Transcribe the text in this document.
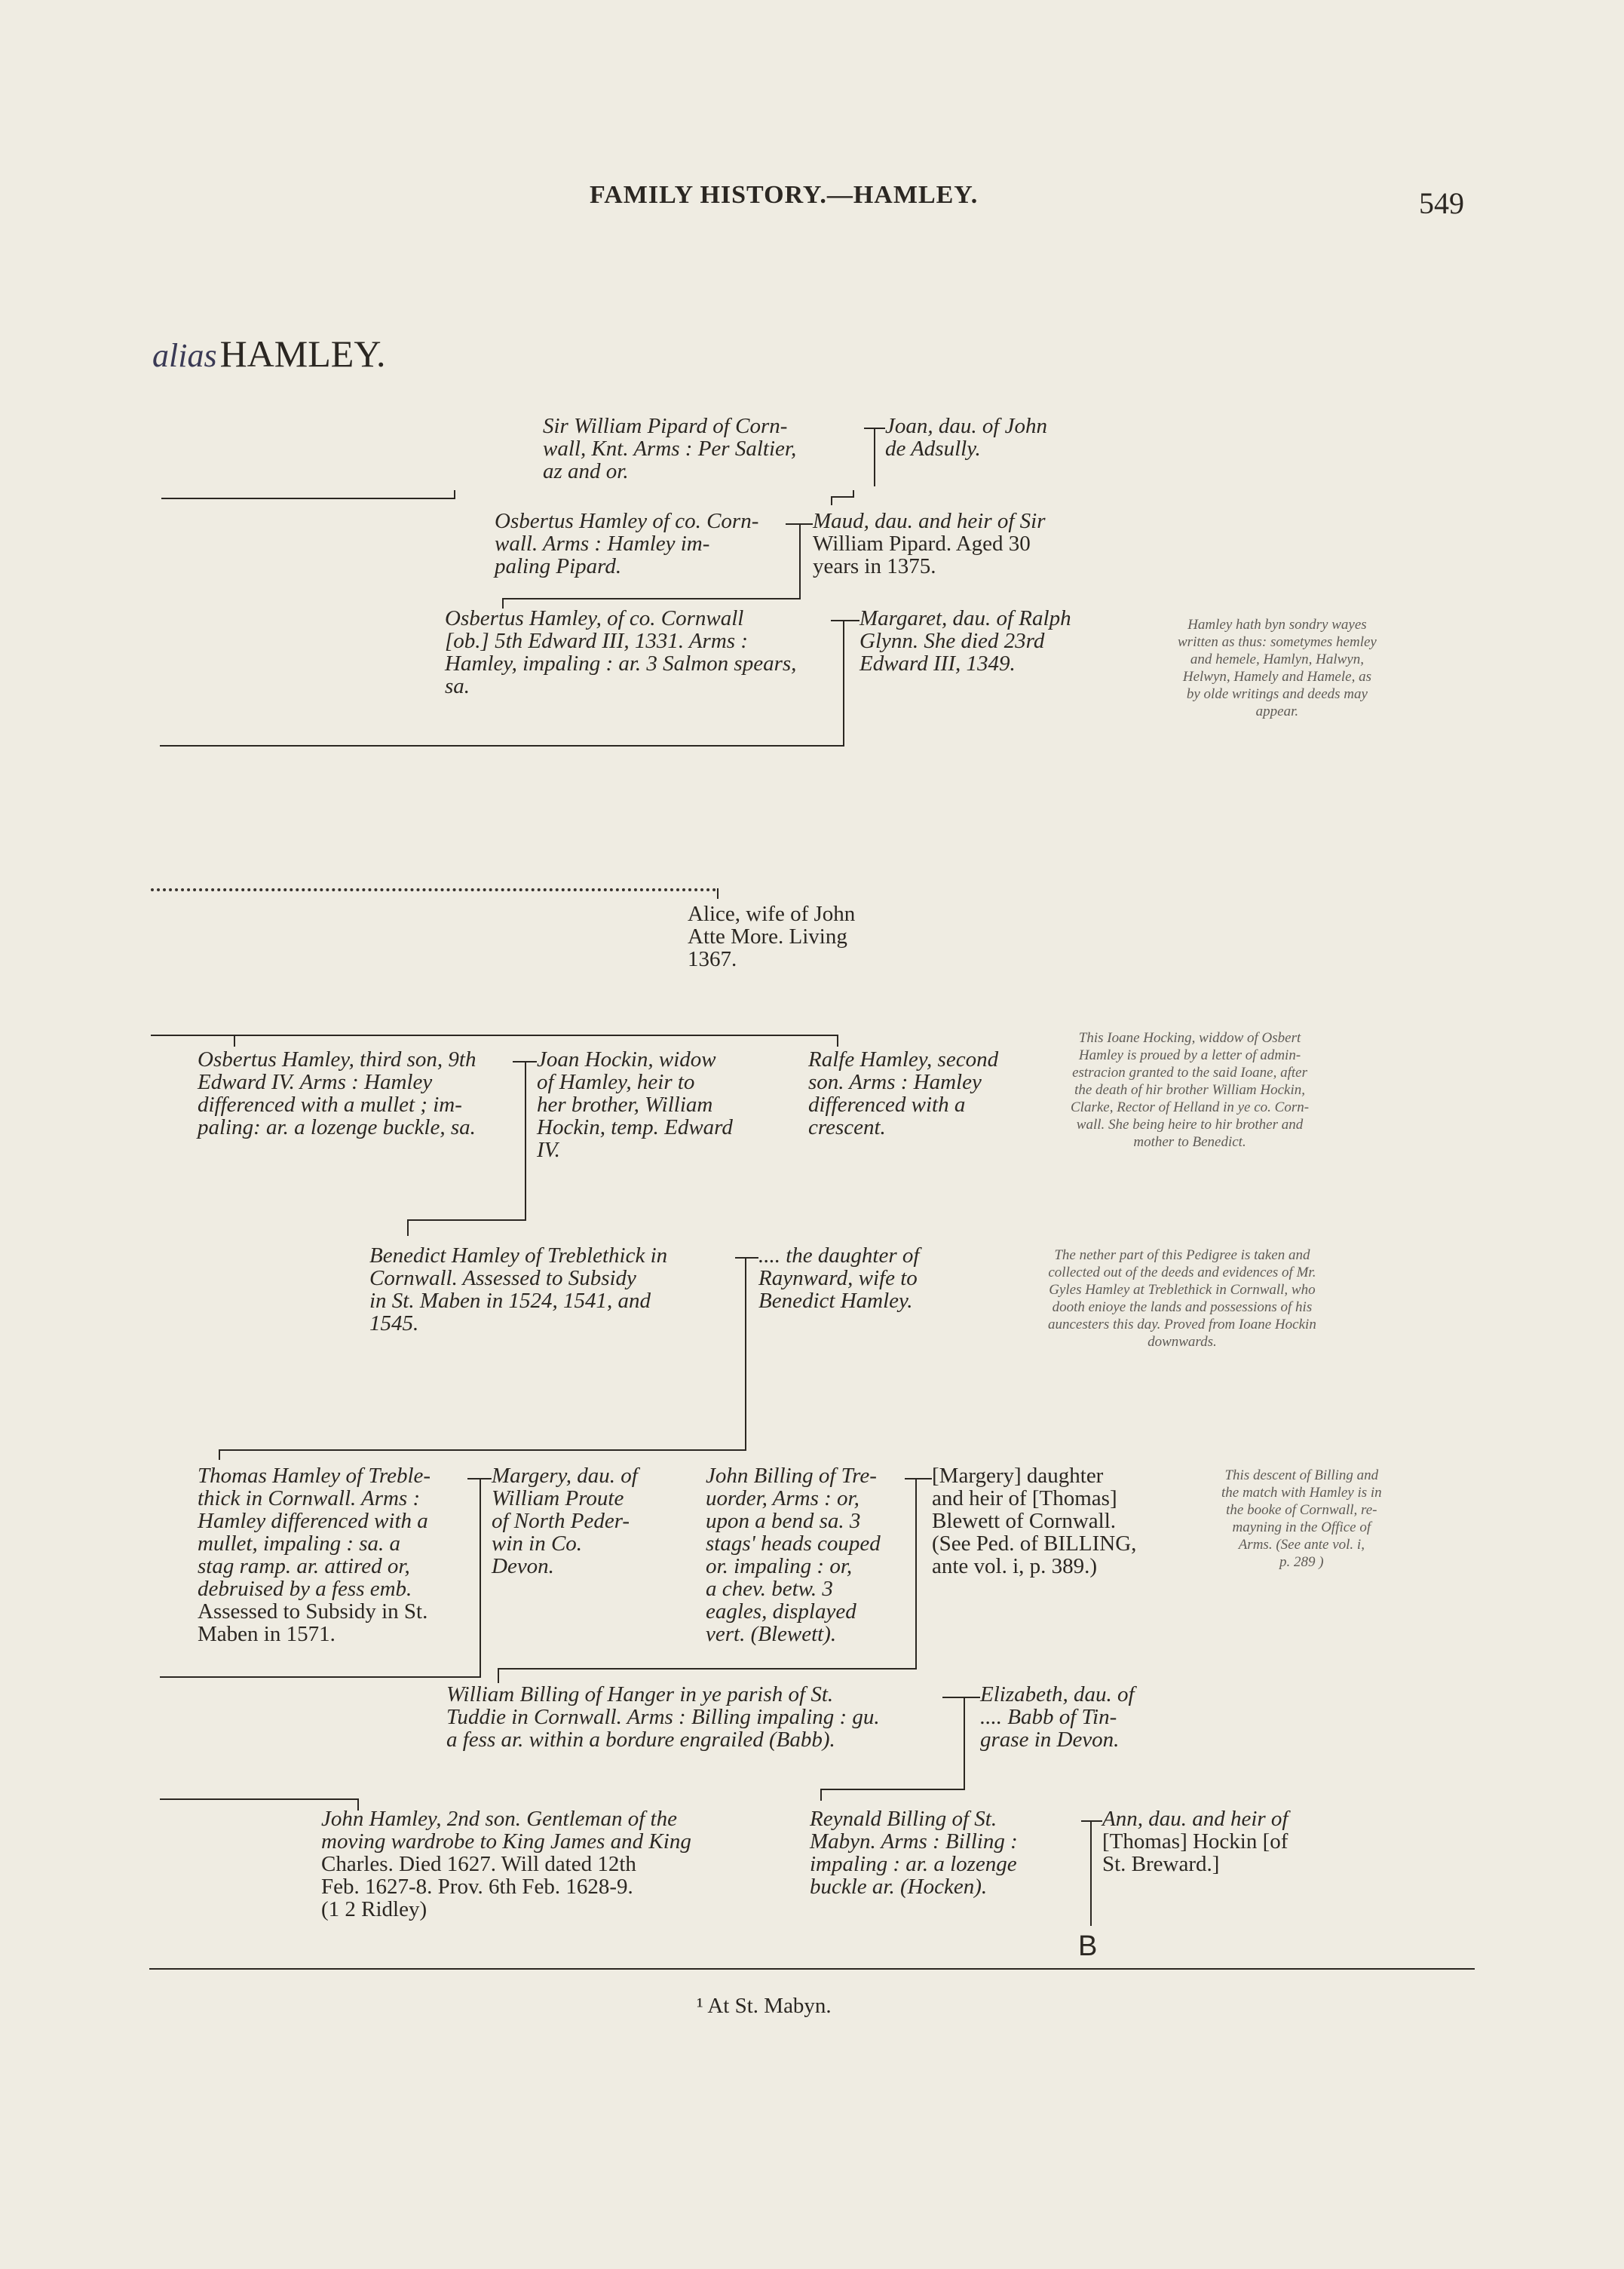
FAMILY HISTORY.—HAMLEY.	549
alias HAMLEY.
Sir William Pipard of Corn-
wall, Knt. Arms : Per Saltier,
az and or.
Joan, dau. of John
de Adsully.
Osbertus Hamley of co. Corn-
wall. Arms : Hamley im-
paling Pipard.
Maud, dau. and heir of Sir
William Pipard. Aged 30
years in 1375.
Osbertus Hamley, of co. Cornwall
[ob.] 5th Edward III, 1331. Arms :
Hamley, impaling : ar. 3 Salmon spears,
sa.
Margaret, dau. of Ralph
Glynn. She died 23rd
Edward III, 1349.
Hamley hath byn sondry wayes
written as thus: sometymes hemley
and hemele, Hamlyn, Halwyn,
Helwyn, Hamely and Hamele, as
by olde writings and deeds may
appear.
Alice, wife of John
Atte More. Living
1367.
Osbertus Hamley, third son, 9th
Edward IV. Arms : Hamley
differenced with a mullet ; im-
paling: ar. a lozenge buckle, sa.
Joan Hockin, widow
of Hamley, heir to
her brother, William
Hockin, temp. Edward
IV.
Ralfe Hamley, second
son. Arms : Hamley
differenced with a
crescent.
This Ioane Hocking, widdow of Osbert
Hamley is proued by a letter of admin-
estracion granted to the said Ioane, after
the death of hir brother William Hockin,
Clarke, Rector of Helland in ye co. Corn-
wall. She being heire to hir brother and
mother to Benedict.
Benedict Hamley of Treblethick in
Cornwall. Assessed to Subsidy
in St. Maben in 1524, 1541, and
1545.
.... the daughter of
Raynward, wife to
Benedict Hamley.
The nether part of this Pedigree is taken and
collected out of the deeds and evidences of Mr.
Gyles Hamley at Treblethick in Cornwall, who
dooth enioye the lands and possessions of his
auncesters this day. Proved from Ioane Hockin
downwards.
Thomas Hamley of Treble-
thick in Cornwall. Arms :
Hamley differenced with a
mullet, impaling : sa. a
stag ramp. ar. attired or,
debruised by a fess emb.
Assessed to Subsidy in St.
Maben in 1571.
Margery, dau. of
William Proute
of North Peder-
win in Co.
Devon.
John Billing of Tre-
uorder, Arms : or,
upon a bend sa. 3
stags' heads couped
or. impaling : or,
a chev. betw. 3
eagles, displayed
vert. (Blewett).
[Margery] daughter
and heir of [Thomas]
Blewett of Cornwall.
(See Ped. of BILLING,
ante vol. i, p. 389.)
This descent of Billing and
the match with Hamley is in
the booke of Cornwall, re-
mayning in the Office of
Arms. (See ante vol. i,
p. 289 )
William Billing of Hanger in ye parish of St.
Tuddie in Cornwall. Arms : Billing impaling : gu.
a fess ar. within a bordure engrailed (Babb).
Elizabeth, dau. of
.... Babb of Tin-
grase in Devon.
John Hamley, 2nd son. Gentleman of the
moving wardrobe to King James and King
Charles. Died 1627. Will dated 12th
Feb. 1627-8. Prov. 6th Feb. 1628-9.
(1 2 Ridley)
Reynald Billing of St.
Mabyn. Arms : Billing :
impaling : ar. a lozenge
buckle ar. (Hocken).
Ann, dau. and heir of
[Thomas] Hockin [of
St. Breward.]
B
¹ At St. Mabyn.
